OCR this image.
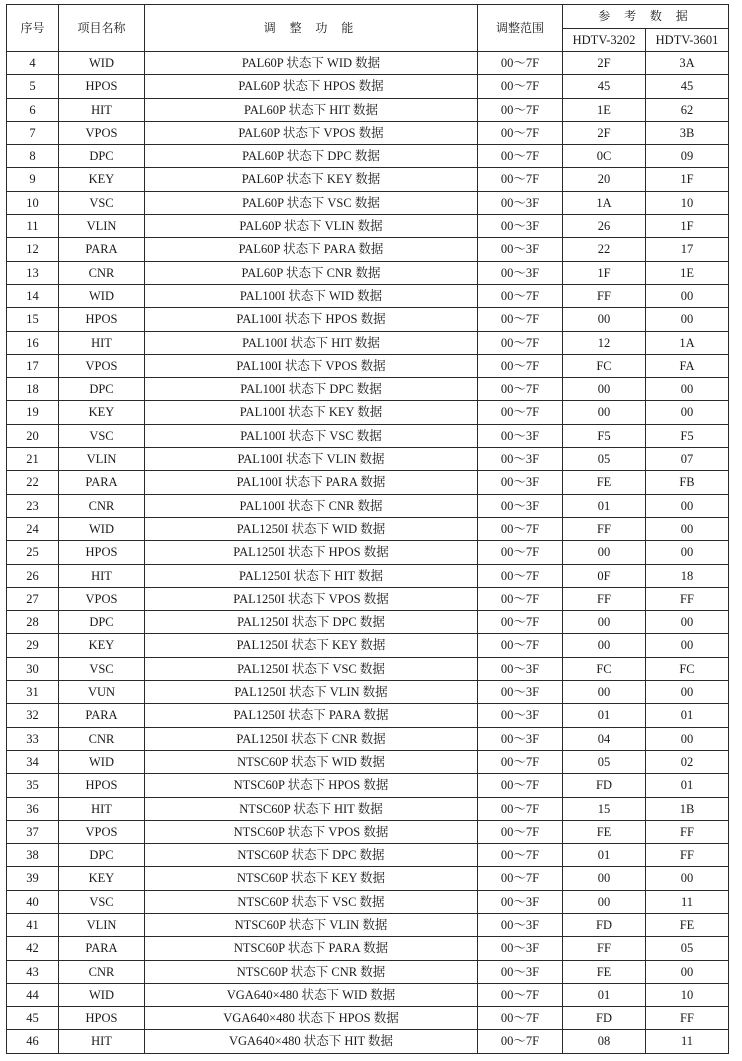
序号	项目名称	调 整 功 能	调整范围	参 考 数 据	
				HDTV-3202	HDTV-3601
4	WID	PAL60P 状态下 WID 数据	00～7F	2F	3A
5	HPOS	PAL60P 状态下 HPOS 数据	00～7F	45	45
6	HIT	PAL60P 状态下 HIT 数据	00～7F	1E	62
7	VPOS	PAL60P 状态下 VPOS 数据	00～7F	2F	3B
8	DPC	PAL60P 状态下 DPC 数据	00～7F	0C	09
9	KEY	PAL60P 状态下 KEY 数据	00～7F	20	1F
10	VSC	PAL60P 状态下 VSC 数据	00～3F	1A	10
11	VLIN	PAL60P 状态下 VLIN 数据	00～3F	26	1F
12	PARA	PAL60P 状态下 PARA 数据	00～3F	22	17
13	CNR	PAL60P 状态下 CNR 数据	00～3F	1F	1E
14	WID	PAL100I 状态下 WID 数据	00～7F	FF	00
15	HPOS	PAL100I 状态下 HPOS 数据	00～7F	00	00
16	HIT	PAL100I 状态下 HIT 数据	00～7F	12	1A
17	VPOS	PAL100I 状态下 VPOS 数据	00～7F	FC	FA
18	DPC	PAL100I 状态下 DPC 数据	00～7F	00	00
19	KEY	PAL100I 状态下 KEY 数据	00～7F	00	00
20	VSC	PAL100I 状态下 VSC 数据	00～3F	F5	F5
21	VLIN	PAL100I 状态下 VLIN 数据	00～3F	05	07
22	PARA	PAL100I 状态下 PARA 数据	00～3F	FE	FB
23	CNR	PAL100I 状态下 CNR 数据	00～3F	01	00
24	WID	PAL1250I 状态下 WID 数据	00～7F	FF	00
25	HPOS	PAL1250I 状态下 HPOS 数据	00～7F	00	00
26	HIT	PAL1250I 状态下 HIT 数据	00～7F	0F	18
27	VPOS	PAL1250I 状态下 VPOS 数据	00～7F	FF	FF
28	DPC	PAL1250I 状态下 DPC 数据	00～7F	00	00
29	KEY	PAL1250I 状态下 KEY 数据	00～7F	00	00
30	VSC	PAL1250I 状态下 VSC 数据	00～3F	FC	FC
31	VUN	PAL1250I 状态下 VLIN 数据	00～3F	00	00
32	PARA	PAL1250I 状态下 PARA 数据	00～3F	01	01
33	CNR	PAL1250I 状态下 CNR 数据	00～3F	04	00
34	WID	NTSC60P 状态下 WID 数据	00～7F	05	02
35	HPOS	NTSC60P 状态下 HPOS 数据	00～7F	FD	01
36	HIT	NTSC60P 状态下 HIT 数据	00～7F	15	1B
37	VPOS	NTSC60P 状态下 VPOS 数据	00～7F	FE	FF
38	DPC	NTSC60P 状态下 DPC 数据	00～7F	01	FF
39	KEY	NTSC60P 状态下 KEY 数据	00～7F	00	00
40	VSC	NTSC60P 状态下 VSC 数据	00～3F	00	11
41	VLIN	NTSC60P 状态下 VLIN 数据	00～3F	FD	FE
42	PARA	NTSC60P 状态下 PARA 数据	00～3F	FF	05
43	CNR	NTSC60P 状态下 CNR 数据	00～3F	FE	00
44	WID	VGA640×480 状态下 WID 数据	00～7F	01	10
45	HPOS	VGA640×480 状态下 HPOS 数据	00～7F	FD	FF
46	HIT	VGA640×480 状态下 HIT 数据	00～7F	08	11
